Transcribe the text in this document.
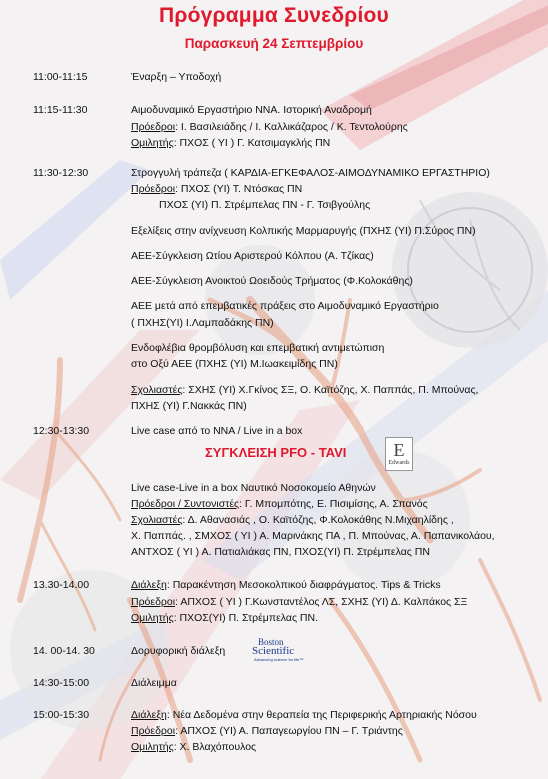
Πρόγραμμα Συνεδρίου
Παρασκευή 24 Σεπτεμβρίου
11:00-11:15	Έναρξη – Υποδοχή
11:15-11:30	Αιμοδυναμικό Εργαστήριο ΝΝΑ. Ιστορική Αναδρομή
Πρόεδροι: Ι. Βασιλειάδης / Ι. Καλλικάζαρος / Κ. Τεντολούρης
Ομιλητής: ΠΧΟΣ ( ΥΙ ) Γ. Κατσιμαγκλής ΠΝ
11:30-12:30	Στρογγυλή τράπεζα ( ΚΑΡΔΙΑ-ΕΓΚΕΦΑΛΟΣ-ΑΙΜΟΔΥΝΑΜΙΚΟ ΕΡΓΑΣΤΗΡΙΟ)
Πρόεδροι: ΠΧΟΣ (ΥΙ) Τ. Ντόσκας ΠΝ
ΠΧΟΣ (ΥΙ) Π. Στρέμπελας ΠΝ - Γ. Τσιβγούλης
Εξελίξεις στην ανίχνευση Κολπικής Μαρμαρυγής (ΠΧΗΣ (ΥΙ) Π.Σύρος ΠΝ)
ΑΕΕ-Σύγκλειση Ωτίου Αριστερού Κόλπου (Α. Τζίκας)
ΑΕΕ-Σύγκλειση Ανοικτού Ωοειδούς Τρήματος (Φ.Κολοκάθης)
ΑΕΕ μετά από επεμβατικές πράξεις στο Αιμοδυναμικό Εργαστήριο
( ΠΧΗΣ(ΥΙ) Ι.Λαμπαδάκης ΠΝ)
Ενδοφλέβια θρομβόλυση και επεμβατική αντιμετώπιση
στο Οξύ ΑΕΕ (ΠΧΗΣ (ΥΙ) Μ.Ιωακειμίδης ΠΝ)
Σχολιαστές: ΣΧΗΣ (ΥΙ) Χ.Γκίνος ΣΞ, Ο. Καϊτόζης, Χ. Παππάς, Π. Μπούνας,
ΠΧΗΣ (ΥΙ) Γ.Νακκάς ΠΝ)
12:30-13:30	Live case από το ΝΝΑ / Live in a box
ΣΥΓΚΛΕΙΣΗ PFO - TAVI	E
Edwards
Live case-Live in a box Ναυτικό Νοσοκομείο Αθηνών
Πρόεδροι / Συντονιστές: Γ. Μπομπότης, Ε. Πισιμίσης, Α. Σπανός
Σχολιαστές: Δ. Αθανασιάς , Ο. Καϊτόζης, Φ.Κολοκάθης Ν.Μιχαηλίδης ,
Χ. Παππάς. , ΣΜΧΟΣ ( ΥΙ ) Α. Μαρινάκης ΠΑ , Π. Μπούνας, Α. Παπανικολάου,
ΑΝΤΧΟΣ ( ΥΙ ) Α. Πατιαλιάκας ΠΝ, ΠΧΟΣ(ΥΙ) Π. Στρέμπελας ΠΝ
13.30-14.00	Διάλεξη: Παρακέντηση Μεσοκολπικού διαφράγματος. Tips & Tricks
Πρόεδροι: ΑΠΧΟΣ ( ΥΙ ) Γ.Κωνσταντέλος ΛΣ, ΣΧΗΣ (ΥΙ) Δ. Καλπάκος ΣΞ
Ομιλητής: ΠΧΟΣ(ΥΙ) Π. Στρέμπελας ΠΝ.
14. 00-14. 30	Δορυφορική διάλεξη
Boston
Scientific
Advancing science for life™
14:30-15:00	Διάλειμμα
15:00-15:30	Διάλεξη: Νέα Δεδομένα στην θεραπεία της Περιφερικής Αρτηριακής Νόσου
Πρόεδροι: ΑΠΧΟΣ (ΥΙ) Α. Παπαγεωργίου ΠΝ – Γ. Τριάντης
Ομιλητής: Χ. Βλαχόπουλος
